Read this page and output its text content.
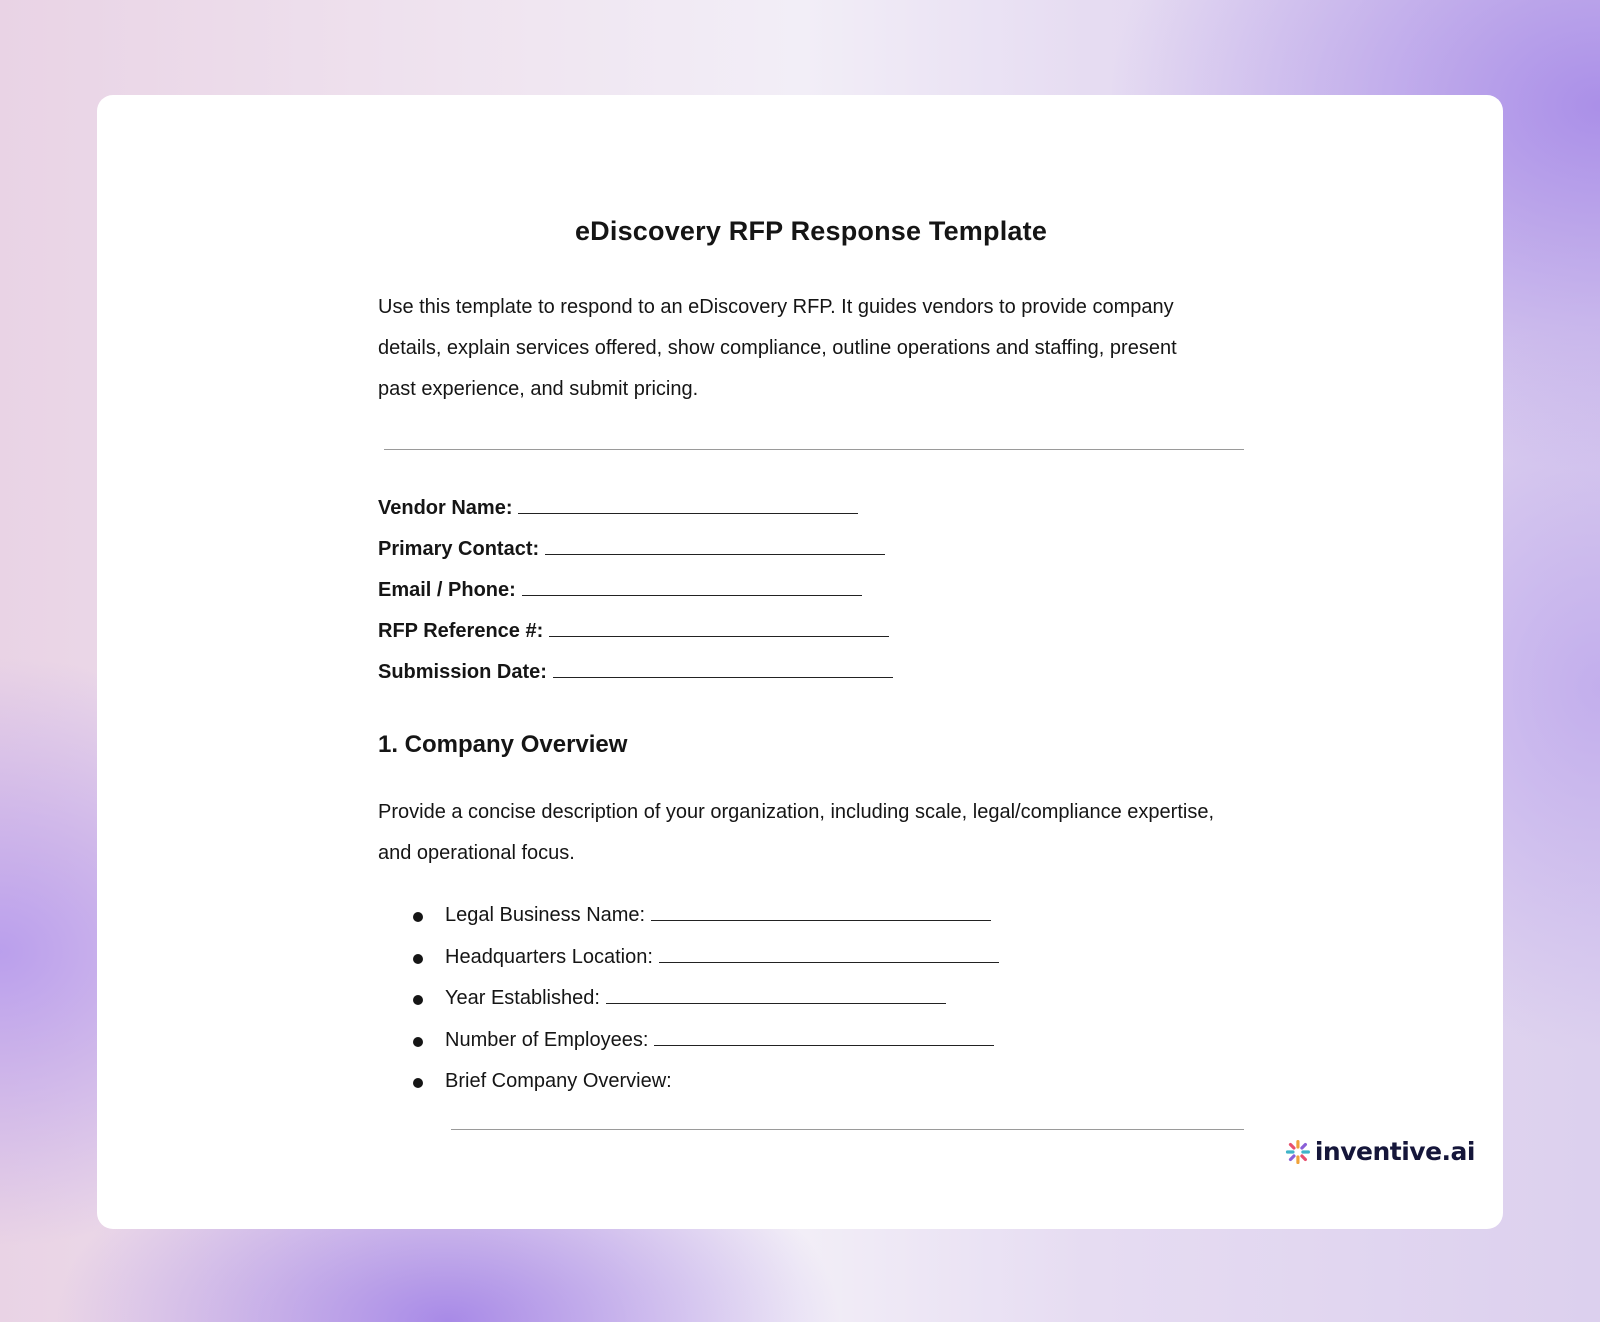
eDiscovery RFP Response Template

Use this template to respond to an eDiscovery RFP. It guides vendors to provide company details, explain services offered, show compliance, outline operations and staffing, present past experience, and submit pricing.

Vendor Name:
Primary Contact:
Email / Phone:
RFP Reference #:
Submission Date:
1. Company Overview

Provide a concise description of your organization, including scale, legal/compliance expertise, and operational focus.

Legal Business Name:
Headquarters Location:
Year Established:
Number of Employees:
Brief Company Overview:
inventive.ai
